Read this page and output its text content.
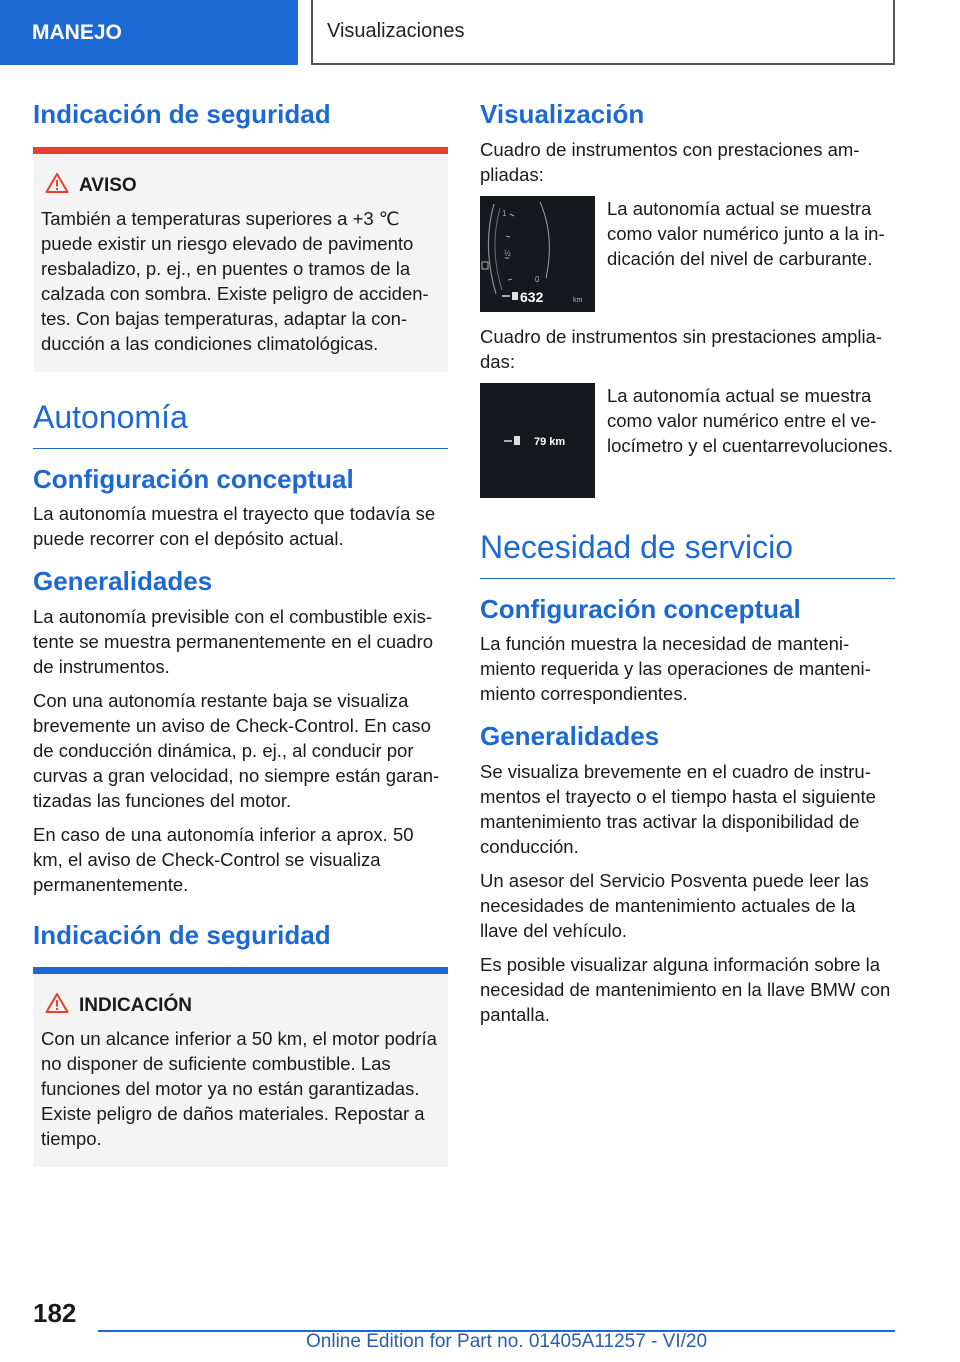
MANEJO	Visualizaciones
Indicación de seguridad
AVISO

También a temperaturas superiores a +3 ℃ puede existir un riesgo elevado de pavimento resbaladizo, p. ej., en puentes o tramos de la calzada con sombra. Existe peligro de accidentes. Con bajas temperaturas, adaptar la conducción a las condiciones climatológicas.

Autonomía
Configuración conceptual

La autonomía muestra el trayecto que todavía se puede recorrer con el depósito actual.

Generalidades

La autonomía previsible con el combustible existente se muestra permanentemente en el cuadro de instrumentos.

Con una autonomía restante baja se visualiza brevemente un aviso de Check-Control. En caso de conducción dinámica, p. ej., al conducir por curvas a gran velocidad, no siempre están garantizadas las funciones del motor.

En caso de una autonomía inferior a aprox. 50 km, el aviso de Check-Control se visualiza permanentemente.

Indicación de seguridad
INDICACIÓN

Con un alcance inferior a 50 km, el motor podría no disponer de suficiente combustible. Las funciones del motor ya no están garantizadas. Existe peligro de daños materiales. Repostar a tiempo.

Visualización

Cuadro de instrumentos con prestaciones ampliadas:

1
½
0
632	km

La autonomía actual se muestra como valor numérico junto a la indicación del nivel de carburante.

Cuadro de instrumentos sin prestaciones ampliadas:

79 km

La autonomía actual se muestra como valor numérico entre el velocímetro y el cuentarrevoluciones.

Necesidad de servicio
Configuración conceptual

La función muestra la necesidad de mantenimiento requerida y las operaciones de mantenimiento correspondientes.

Generalidades

Se visualiza brevemente en el cuadro de instrumentos el trayecto o el tiempo hasta el siguiente mantenimiento tras activar la disponibilidad de conducción.

Un asesor del Servicio Posventa puede leer las necesidades de mantenimiento actuales de la llave del vehículo.

Es posible visualizar alguna información sobre la necesidad de mantenimiento en la llave BMW con pantalla.

182
Online Edition for Part no. 01405A11257 - VI/20
